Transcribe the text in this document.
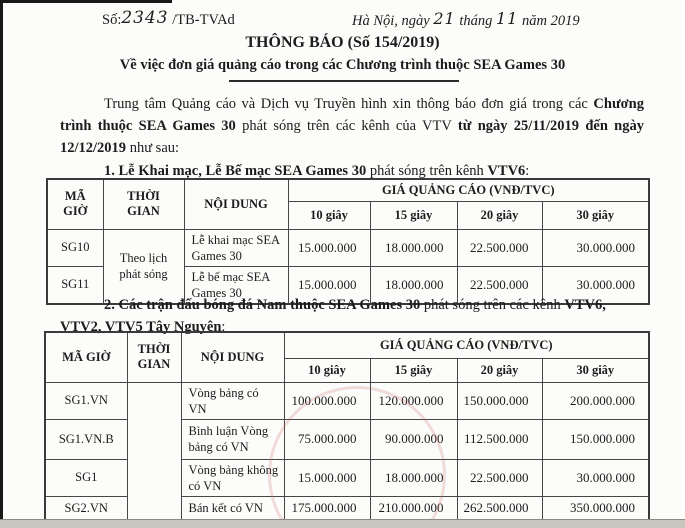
Số:2343 /TB-TVAd	Hà Nội, ngày 21 tháng 11 năm 2019
THÔNG BÁO (Số 154/2019)
Về việc đơn giá quảng cáo trong các Chương trình thuộc SEA Games 30
Trung tâm Quảng cáo và Dịch vụ Truyền hình xin thông báo đơn giá trong các Chương trình thuộc SEA Games 30 phát sóng trên các kênh của VTV từ ngày 25/11/2019 đến ngày 12/12/2019 như sau:
1. Lễ Khai mạc, Lễ Bế mạc SEA Games 30 phát sóng trên kênh VTV6:
MÃ GIỜ	THỜI GIAN	NỘI DUNG	GIÁ QUẢNG CÁO (VNĐ/TVC)			
			10 giây	15 giây	20 giây	30 giây
SG10	Theo lịch phát sóng	Lễ khai mạc SEA Games 30	15.000.000	18.000.000	22.500.000	30.000.000
SG11		Lễ bế mạc SEA Games 30	15.000.000	18.000.000	22.500.000	30.000.000
2. Các trận đấu bóng đá Nam thuộc SEA Games 30 phát sóng trên các kênh VTV6, VTV2, VTV5 Tây Nguyên:
MÃ GIỜ	THỜI GIAN	NỘI DUNG	GIÁ QUẢNG CÁO (VNĐ/TVC)			
			10 giây	15 giây	20 giây	30 giây
SG1.VN		Vòng bảng có VN	100.000.000	120.000.000	150.000.000	200.000.000
SG1.VN.B		Bình luận Vòng bảng có VN	75.000.000	90.000.000	112.500.000	150.000.000
SG1		Vòng bảng không có VN	15.000.000	18.000.000	22.500.000	30.000.000
SG2.VN		Bán kết có VN	175.000.000	210.000.000	262.500.000	350.000.000
